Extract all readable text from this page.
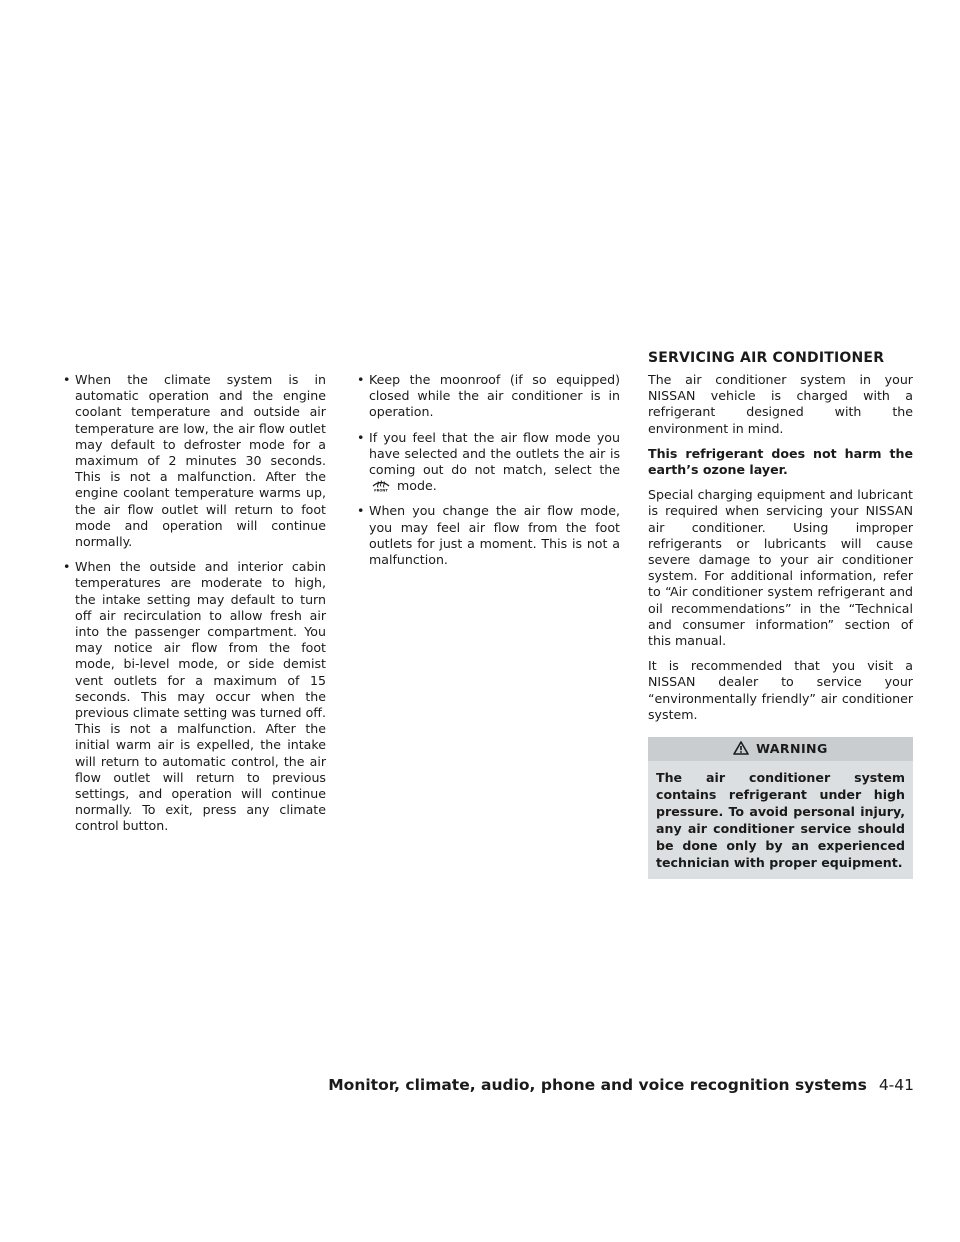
SERVICING AIR CONDITIONER
• When the climate system is in automatic operation and the engine coolant temperature and outside air temperature are low, the air flow outlet may default to defroster mode for a maximum of 2 minutes 30 seconds. This is not a malfunction. After the engine coolant temperature warms up, the air flow outlet will return to foot mode and operation will continue normally.
• When the outside and interior cabin temperatures are moderate to high, the intake setting may default to turn off air recirculation to allow fresh air into the passenger compartment. You may notice air flow from the foot mode, bi-level mode, or side demist vent outlets for a maximum of 15 seconds. This may occur when the previous climate setting was turned off. This is not a malfunction. After the initial warm air is expelled, the intake will return to automatic control, the air flow outlet will return to previous settings, and operation will continue normally. To exit, press any climate control button.
• Keep the moonroof (if so equipped) closed while the air conditioner is in operation.
• If you feel that the air flow mode you have selected and the outlets the air is coming out do not match, select the
FRONT mode.
• When you change the air flow mode, you may feel air flow from the foot outlets for just a moment. This is not a malfunction.

The air conditioner system in your NISSAN vehicle is charged with a refrigerant designed with the environment in mind.

This refrigerant does not harm the earth’s ozone layer.

Special charging equipment and lubricant is required when servicing your NISSAN air conditioner. Using improper refrigerants or lubricants will cause severe damage to your air conditioner system. For additional information, refer to “Air conditioner system refrigerant and oil recommendations” in the “Technical and consumer information” section of this manual.

It is recommended that you visit a NISSAN dealer to service your “environmentally friendly” air conditioner system.

WARNING
The air conditioner system contains refrigerant under high pressure. To avoid personal injury, any air conditioner service should be done only by an experienced technician with proper equipment.
Monitor, climate, audio, phone and voice recognition systems 4-41
